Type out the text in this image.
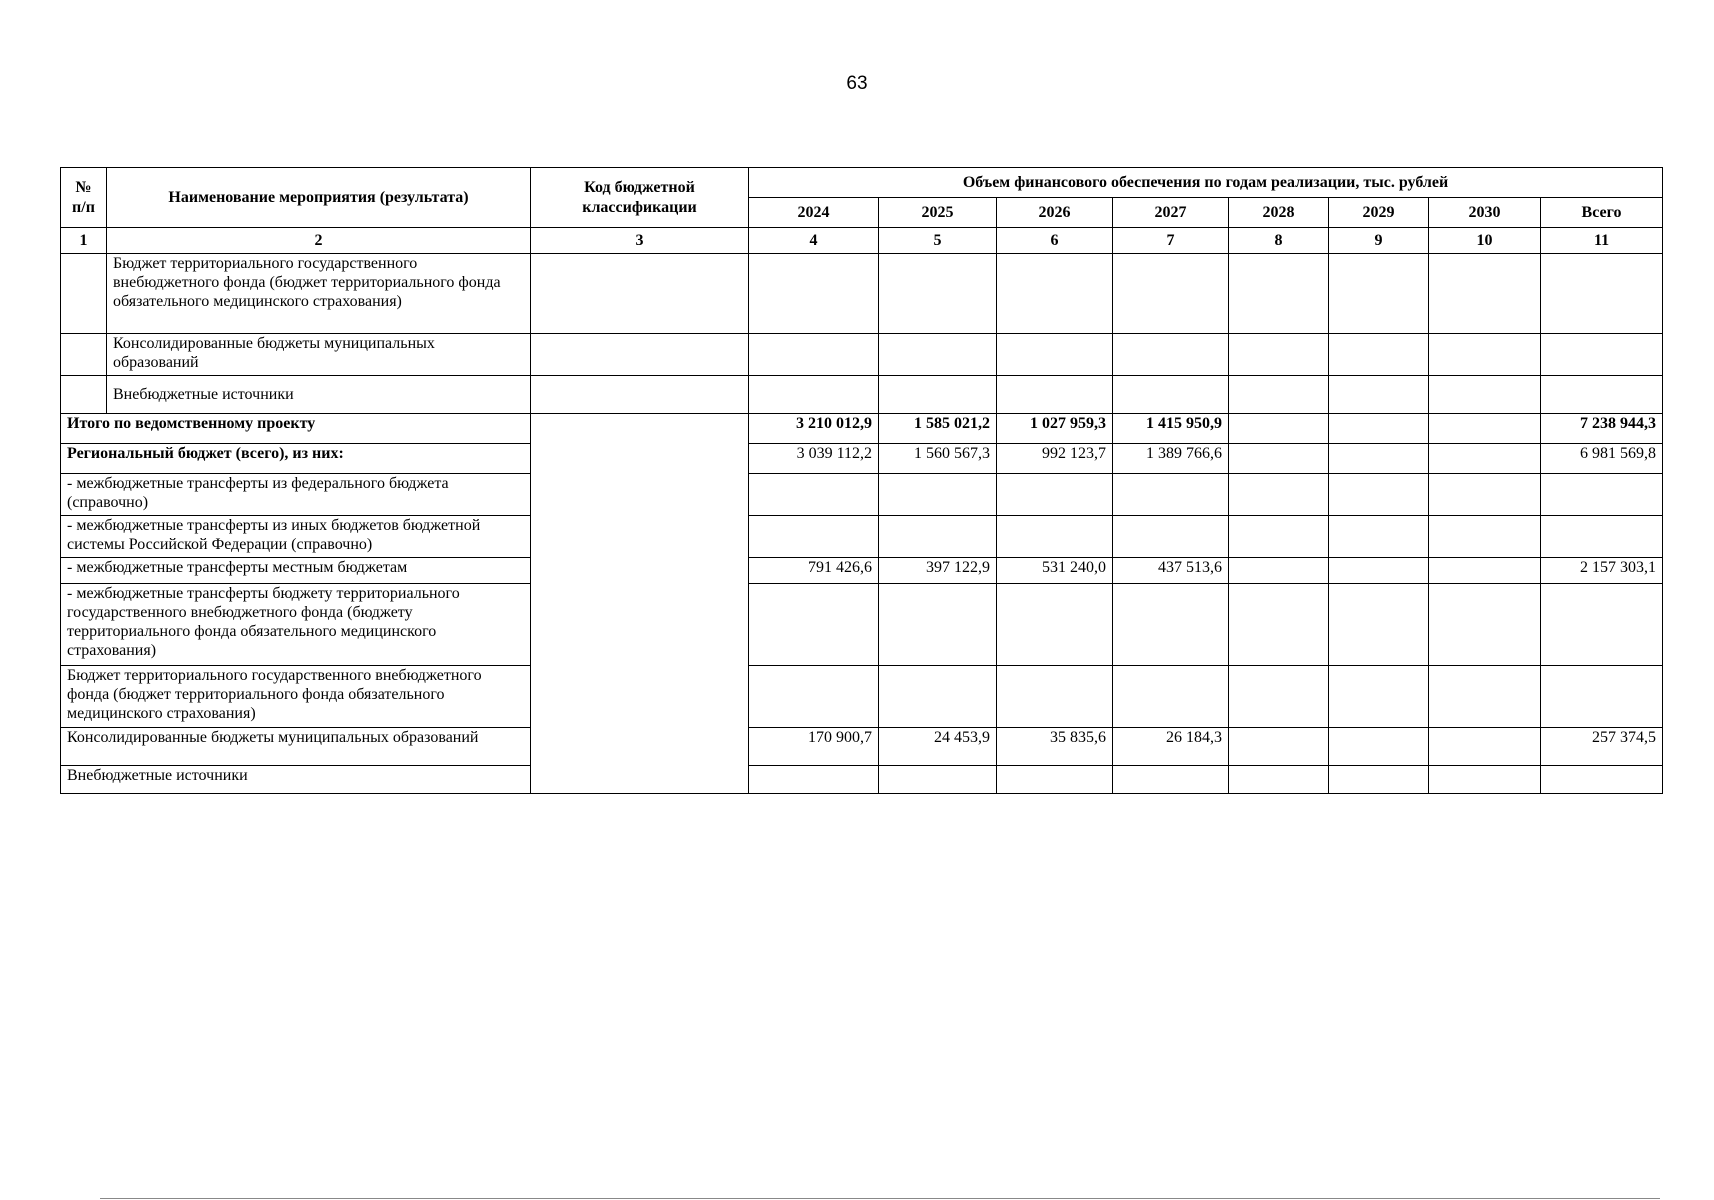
63
№ п/п	Наименование мероприятия (результата)	Код бюджетной классификации	Объем финансового обеспечения по годам реализации, тыс. рублей							
			2024	2025	2026	2027	2028	2029	2030	Всего
1	2	3	4	5	6	7	8	9	10	11
	Бюджет территориального государственного внебюджетного фонда (бюджет территориального фонда обязательного медицинского страхования)									
	Консолидированные бюджеты муниципальных образований									
	Внебюджетные источники									
Итого по ведомственному проекту			3 210 012,9	1 585 021,2	1 027 959,3	1 415 950,9				7 238 944,3
Региональный бюджет (всего), из них:			3 039 112,2	1 560 567,3	992 123,7	1 389 766,6				6 981 569,8
- межбюджетные трансферты из федерального бюджета (справочно)										
- межбюджетные трансферты из иных бюджетов бюджетной системы Российской Федерации (справочно)										
- межбюджетные трансферты местным бюджетам			791 426,6	397 122,9	531 240,0	437 513,6				2 157 303,1
- межбюджетные трансферты бюджету территориального государственного внебюджетного фонда (бюджету территориального фонда обязательного медицинского страхования)										
Бюджет территориального государственного внебюджетного фонда (бюджет территориального фонда обязательного медицинского страхования)										
Консолидированные бюджеты муниципальных образований			170 900,7	24 453,9	35 835,6	26 184,3				257 374,5
Внебюджетные источники										
